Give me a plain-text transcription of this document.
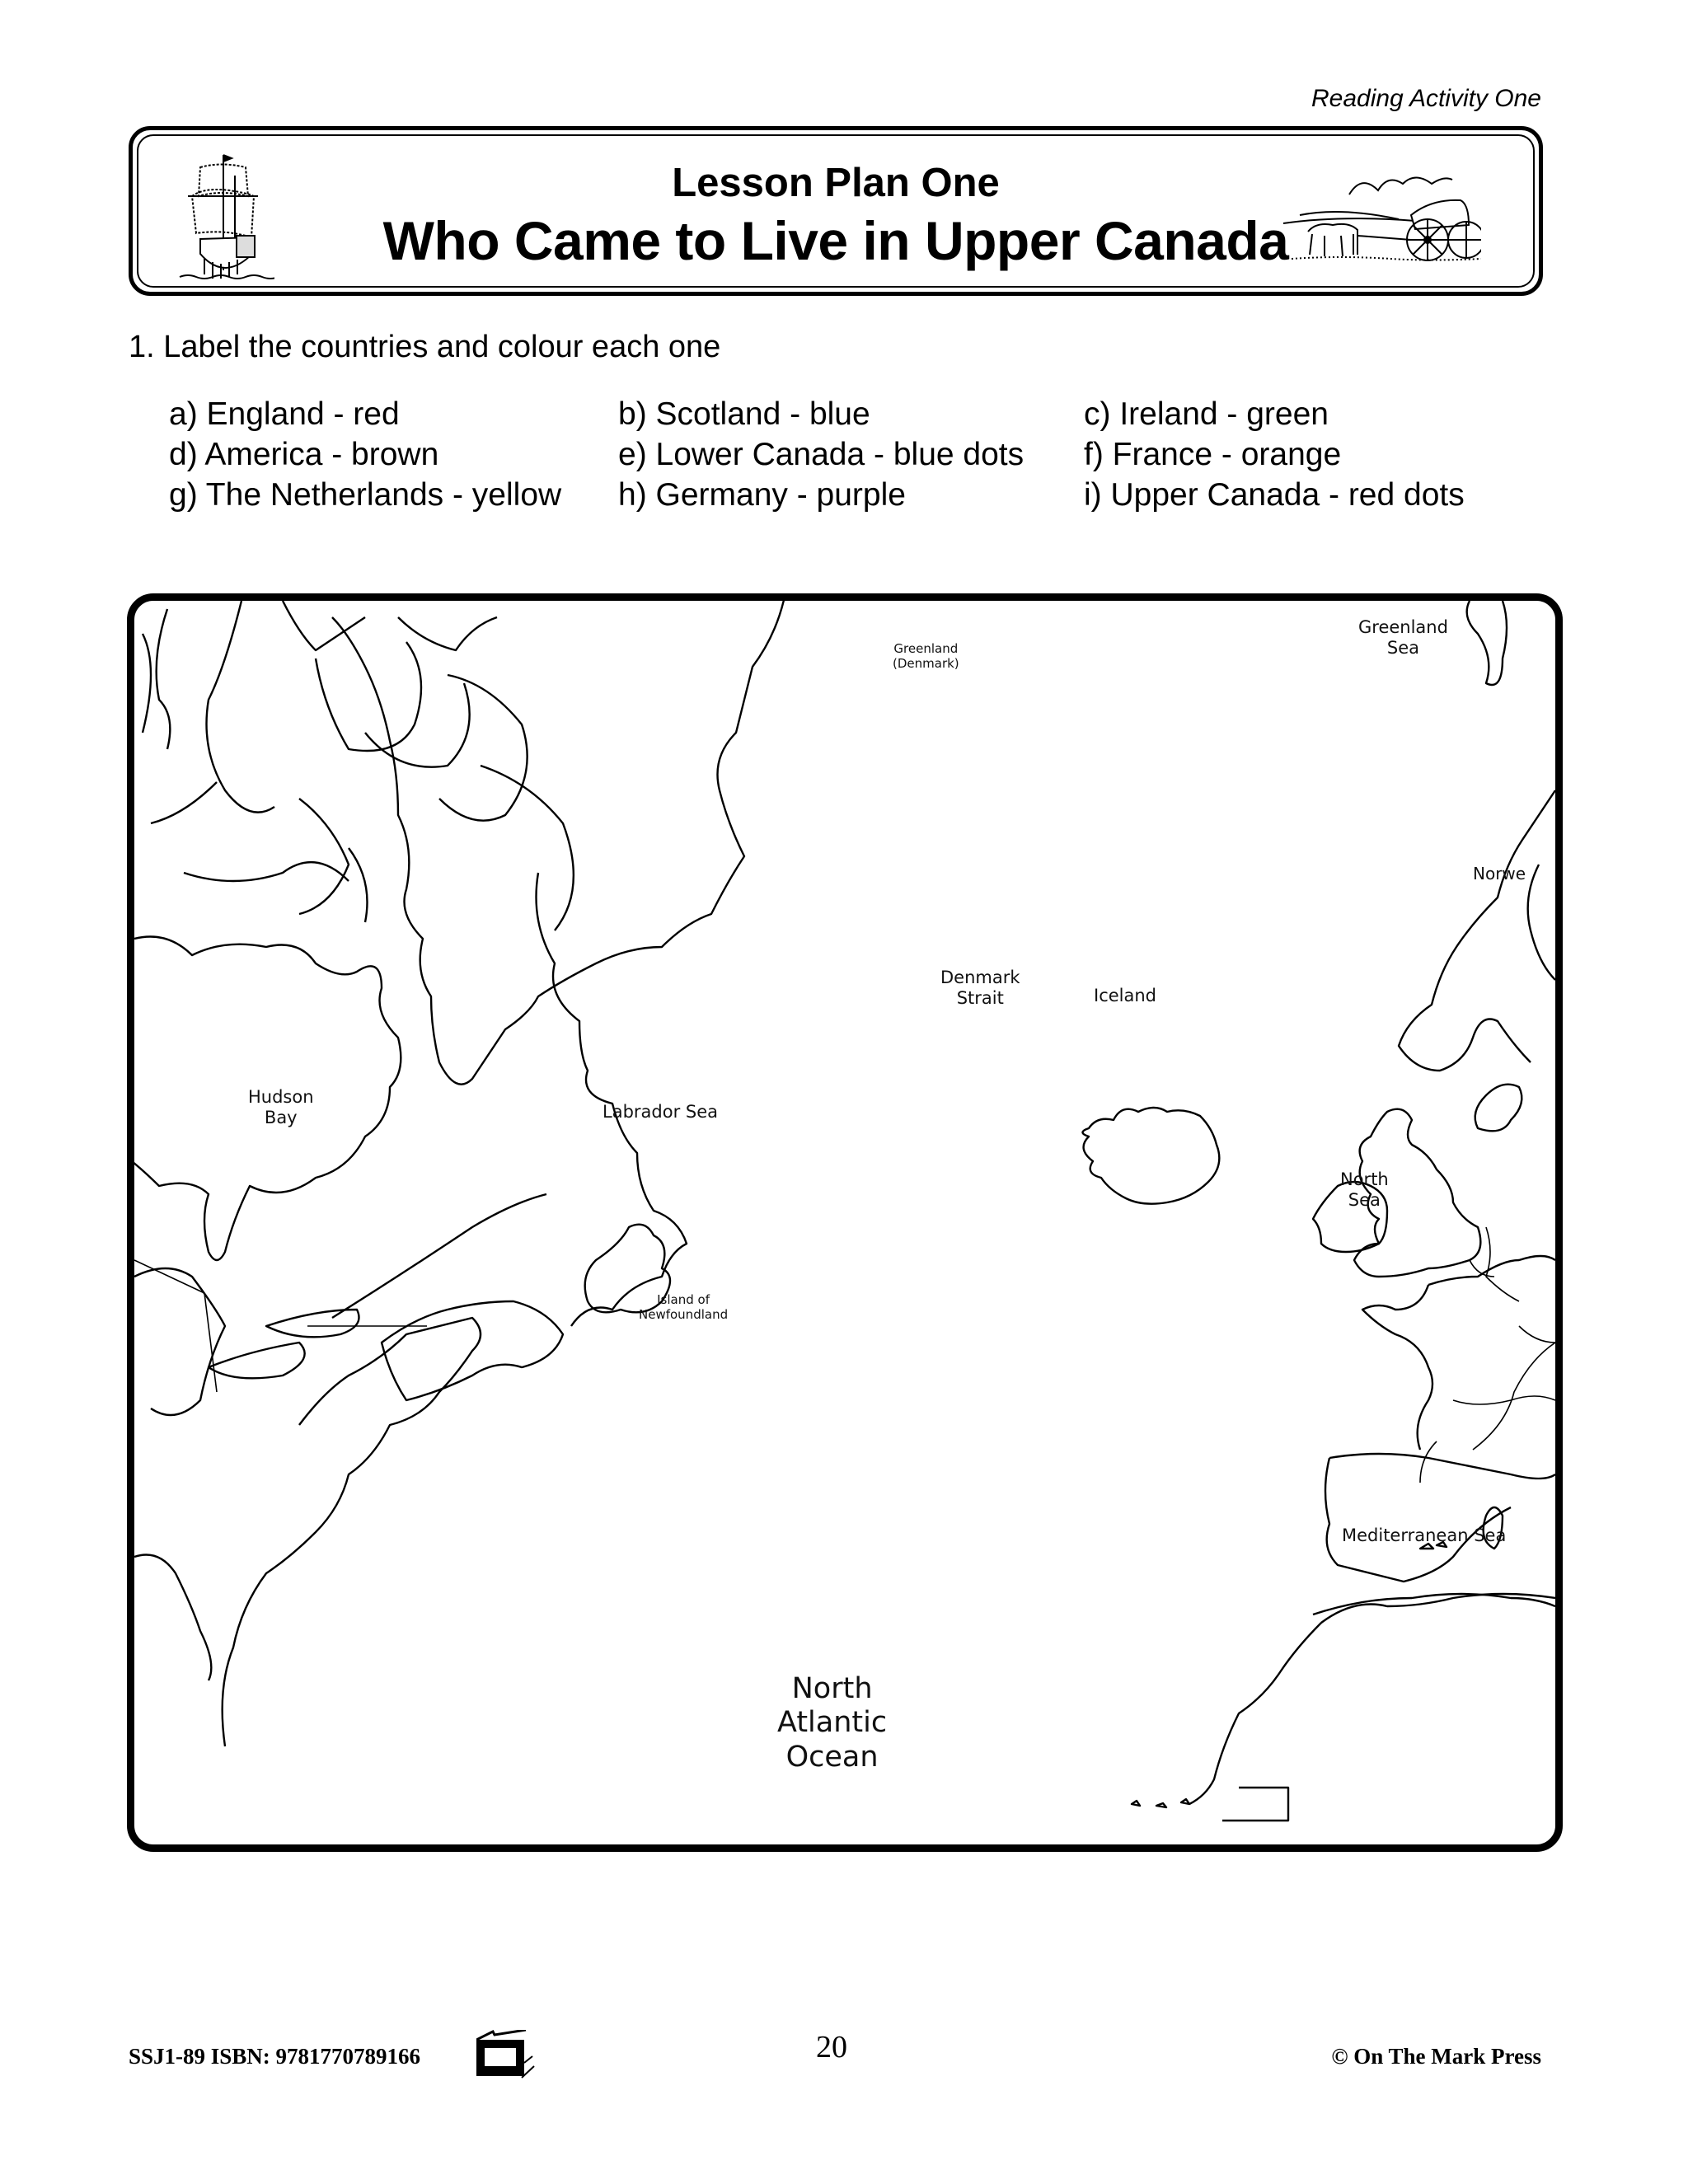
Reading Activity One
Lesson Plan One
Who Came to Live in Upper Canada
1. Label the countries and colour each one
a) England - red	b) Scotland - blue	c) Ireland - green
d) America - brown	e) Lower Canada - blue dots	f) France - orange
g) The Netherlands - yellow	h) Germany - purple	i) Upper Canada - red dots
Greenland
(Denmark)
Greenland
Sea
Norwe
Denmark
Strait	Iceland
Hudson
Bay	Labrador Sea
North
Sea
Island of
Newfoundland
Mediterranean Sea
North
Atlantic
Ocean
SSJ1-89 ISBN: 9781770789166	20	© On The Mark Press
